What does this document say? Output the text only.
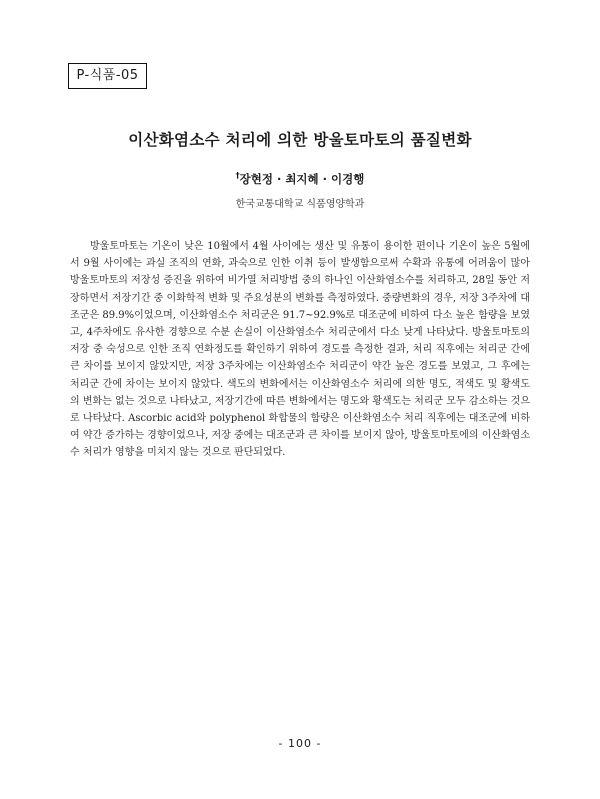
P-식품-05
이산화염소수 처리에 의한 방울토마토의 품질변화
†장현정 · 최지혜 · 이경행
한국교통대학교 식품영양학과

방울토마토는 기온이 낮은 10월에서 4월 사이에는 생산 및 유통이 용이한 편이나 기온이 높은 5월에서 9월 사이에는 과실 조직의 연화, 과숙으로 인한 이취 등이 발생함으로써 수확과 유통에 어려움이 많아 방울토마토의 저장성 증진을 위하여 비가열 처리방법 중의 하나인 이산화염소수를 처리하고, 28일 동안 저장하면서 저장기간 중 이화학적 변화 및 주요성분의 변화를 측정하였다. 중량변화의 경우, 저장 3주차에 대조군은 89.9%이었으며, 이산화염소수 처리군은 91.7~92.9%로 대조군에 비하여 다소 높은 함량을 보였고, 4주차에도 유사한 경향으로 수분 손실이 이산화염소수 처리군에서 다소 낮게 나타났다. 방울토마토의 저장 중 숙성으로 인한 조직 연화정도를 확인하기 위하여 경도를 측정한 결과, 처리 직후에는 처리군 간에 큰 차이를 보이지 않았지만, 저장 3주차에는 이산화염소수 처리군이 약간 높은 경도를 보였고, 그 후에는 처리군 간에 차이는 보이지 않았다. 색도의 변화에서는 이산화염소수 처리에 의한 명도, 적색도 및 황색도의 변화는 없는 것으로 나타났고, 저장기간에 따른 변화에서는 명도와 황색도는 처리군 모두 감소하는 것으로 나타났다. Ascorbic acid와 polyphenol 화합물의 함량은 이산화염소수 처리 직후에는 대조군에 비하여 약간 증가하는 경향이었으나, 저장 중에는 대조군과 큰 차이를 보이지 않아, 방울토마토에의 이산화염소수 처리가 영향을 미치지 않는 것으로 판단되었다.

- 100 -
